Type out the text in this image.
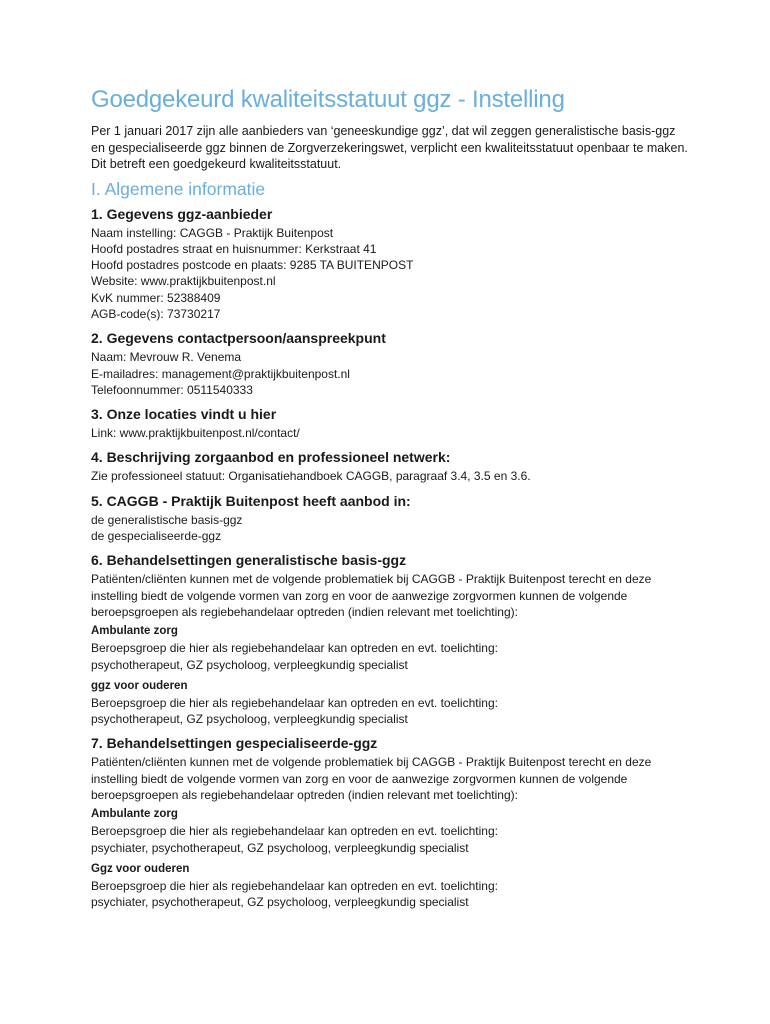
Goedgekeurd kwaliteitsstatuut ggz - Instelling

Per 1 januari 2017 zijn alle aanbieders van ‘geneeskundige ggz’, dat wil zeggen generalistische basis-ggz en gespecialiseerde ggz binnen de Zorgverzekeringswet, verplicht een kwaliteitsstatuut openbaar te maken. Dit betreft een goedgekeurd kwaliteitsstatuut.

I. Algemene informatie
1. Gegevens ggz-aanbieder

Naam instelling: CAGGB - Praktijk Buitenpost

Hoofd postadres straat en huisnummer: Kerkstraat 41

Hoofd postadres postcode en plaats: 9285 TA BUITENPOST

Website: www.praktijkbuitenpost.nl

KvK nummer: 52388409

AGB-code(s): 73730217

2. Gegevens contactpersoon/aanspreekpunt

Naam: Mevrouw R. Venema

E-mailadres: management@praktijkbuitenpost.nl

Telefoonnummer: 0511540333

3. Onze locaties vindt u hier

Link: www.praktijkbuitenpost.nl/contact/

4. Beschrijving zorgaanbod en professioneel netwerk:

Zie professioneel statuut: Organisatiehandboek CAGGB, paragraaf 3.4, 3.5 en 3.6.

5. CAGGB - Praktijk Buitenpost heeft aanbod in:

de generalistische basis-ggz

de gespecialiseerde-ggz

6. Behandelsettingen generalistische basis-ggz

Patiënten/cliënten kunnen met de volgende problematiek bij CAGGB - Praktijk Buitenpost terecht en deze instelling biedt de volgende vormen van zorg en voor de aanwezige zorgvormen kunnen de volgende beroepsgroepen als regiebehandelaar optreden (indien relevant met toelichting):

Ambulante zorg

Beroepsgroep die hier als regiebehandelaar kan optreden en evt. toelichting:

psychotherapeut, GZ psycholoog, verpleegkundig specialist

ggz voor ouderen

Beroepsgroep die hier als regiebehandelaar kan optreden en evt. toelichting:

psychotherapeut, GZ psycholoog, verpleegkundig specialist

7. Behandelsettingen gespecialiseerde-ggz

Patiënten/cliënten kunnen met de volgende problematiek bij CAGGB - Praktijk Buitenpost terecht en deze instelling biedt de volgende vormen van zorg en voor de aanwezige zorgvormen kunnen de volgende beroepsgroepen als regiebehandelaar optreden (indien relevant met toelichting):

Ambulante zorg

Beroepsgroep die hier als regiebehandelaar kan optreden en evt. toelichting:

psychiater, psychotherapeut, GZ psycholoog, verpleegkundig specialist

Ggz voor ouderen

Beroepsgroep die hier als regiebehandelaar kan optreden en evt. toelichting:

psychiater, psychotherapeut, GZ psycholoog, verpleegkundig specialist
